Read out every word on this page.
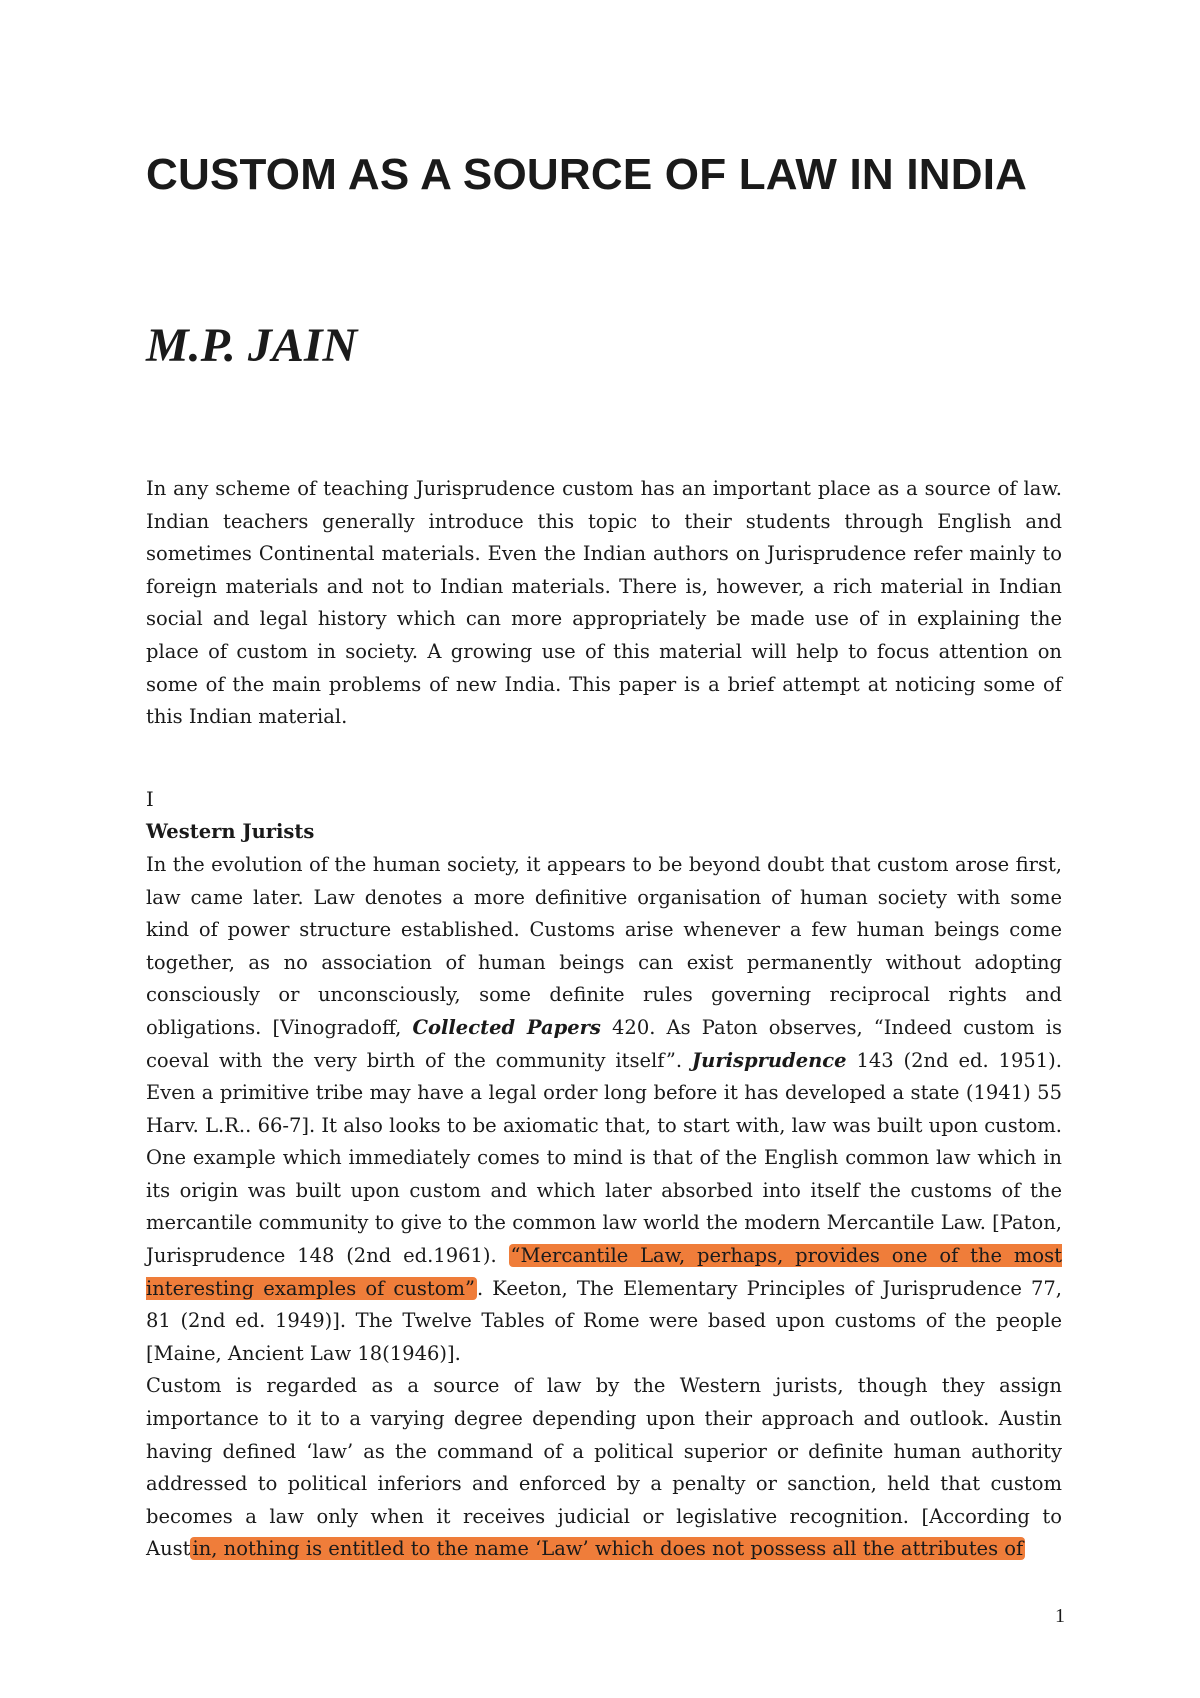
CUSTOM AS A SOURCE OF LAW IN INDIA
M.P. JAIN

In any scheme of teaching Jurisprudence custom has an important place as a source of law. Indian teachers generally introduce this topic to their students through English and sometimes Continental materials. Even the Indian authors on Jurisprudence refer mainly to foreign materials and not to Indian materials. There is, however, a rich material in Indian social and legal history which can more appropriately be made use of in explaining the place of custom in society. A growing use of this material will help to focus attention on some of the main problems of new India. This paper is a brief attempt at noticing some of this Indian material.

I

Western Jurists

In the evolution of the human society, it appears to be beyond doubt that custom arose first, law came later. Law denotes a more definitive organisation of human society with some kind of power structure established. Customs arise whenever a few human beings come together, as no association of human beings can exist permanently without adopting consciously or unconsciously, some definite rules governing reciprocal rights and obligations. [Vinogradoff, Collected Papers 420. As Paton observes, “Indeed custom is coeval with the very birth of the community itself”. Jurisprudence 143 (2nd ed. 1951). Even a primitive tribe may have a legal order long before it has developed a state (1941) 55 Harv. L.R.. 66-7]. It also looks to be axiomatic that, to start with, law was built upon custom. One example which immediately comes to mind is that of the English common law which in its origin was built upon custom and which later absorbed into itself the customs of the mercantile community to give to the common law world the modern Mercantile Law. [Paton, Jurisprudence 148 (2nd ed.1961). “Mercantile Law, perhaps, provides one of the most interesting examples of custom” . Keeton, The Elementary Principles of Jurisprudence 77, 81 (2nd ed. 1949)]. The Twelve Tables of Rome were based upon customs of the people [Maine, Ancient Law 18(1946)].

Custom is regarded as a source of law by the Western jurists, though they assign importance to it to a varying degree depending upon their approach and outlook. Austin having defined ‘law’ as the command of a political superior or definite human authority addressed to political inferiors and enforced by a penalty or sanction, held that custom becomes a law only when it receives judicial or legislative recognition. [According to Aust in, nothing is entitled to the name ‘Law’ which does not possess all the attributes of

1
